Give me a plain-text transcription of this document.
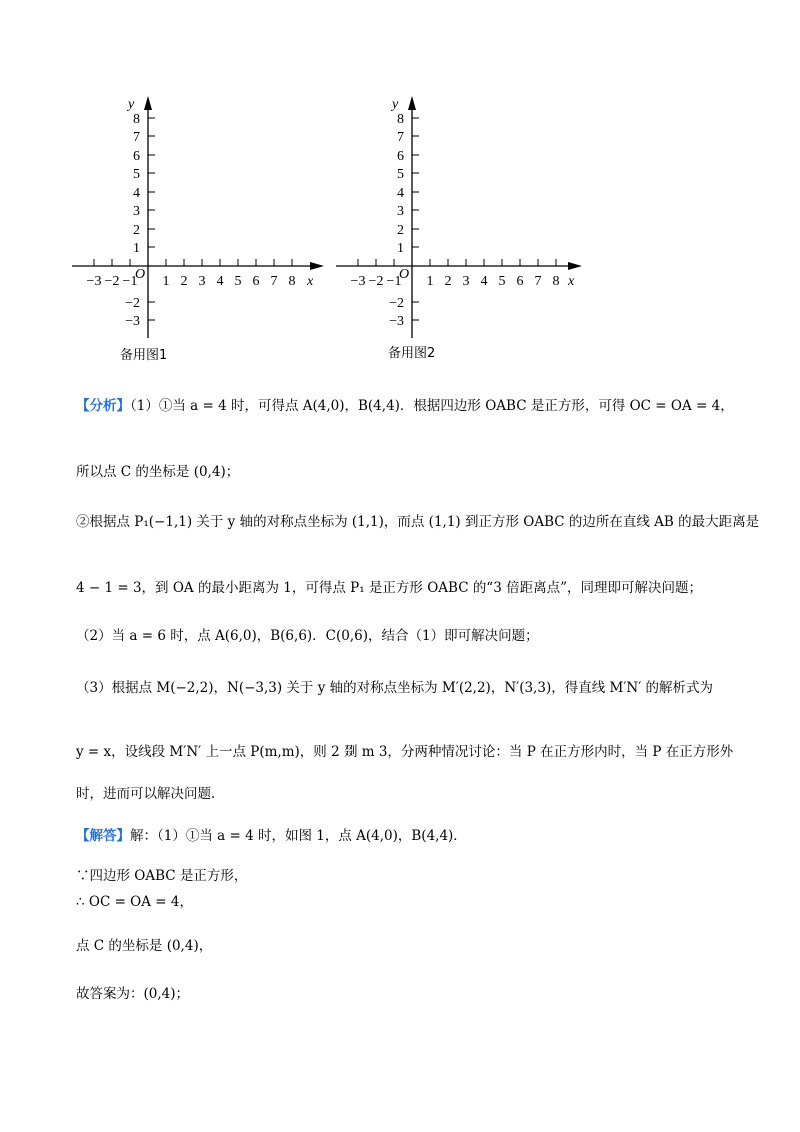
y
x
O
−3 −2 −1 1 2 3 4 5 6 7 8
8
7
6
5
4
3
2
1
−2
−3
备用图1
y
x
O
−3 −2 −1 1 2 3 4 5 6 7 8
8
7
6
5
4
3
2
1
−2
−3
备用图2
【分析】（1）①当 a = 4 时，可得点 A(4,0)，B(4,4)．根据四边形 OABC 是正方形，可得 OC = OA = 4，
所以点 C 的坐标是 (0,4)；
②根据点 P₁(−1,1) 关于 y 轴的对称点坐标为 (1,1)，而点 (1,1) 到正方形 OABC 的边所在直线 AB 的最大距离是
4 − 1 = 3，到 OA 的最小距离为 1，可得点 P₁ 是正方形 OABC 的“3 倍距离点”，同理即可解决问题；
（2）当 a = 6 时，点 A(6,0)，B(6,6)．C(0,6)，结合（1）即可解决问题；
（3）根据点 M(−2,2)，N(−3,3) 关于 y 轴的对称点坐标为 M′(2,2)，N′(3,3)，得直线 M′N′ 的解析式为
y = x，设线段 M′N′ 上一点 P(m,m)，则 2 剟 m 3，分两种情况讨论：当 P 在正方形内时，当 P 在正方形外
时，进而可以解决问题．
【解答】解：（1）①当 a = 4 时，如图 1，点 A(4,0)，B(4,4)．
∵四边形 OABC 是正方形，
∴ OC = OA = 4，
点 C 的坐标是 (0,4)，
故答案为：(0,4)；
